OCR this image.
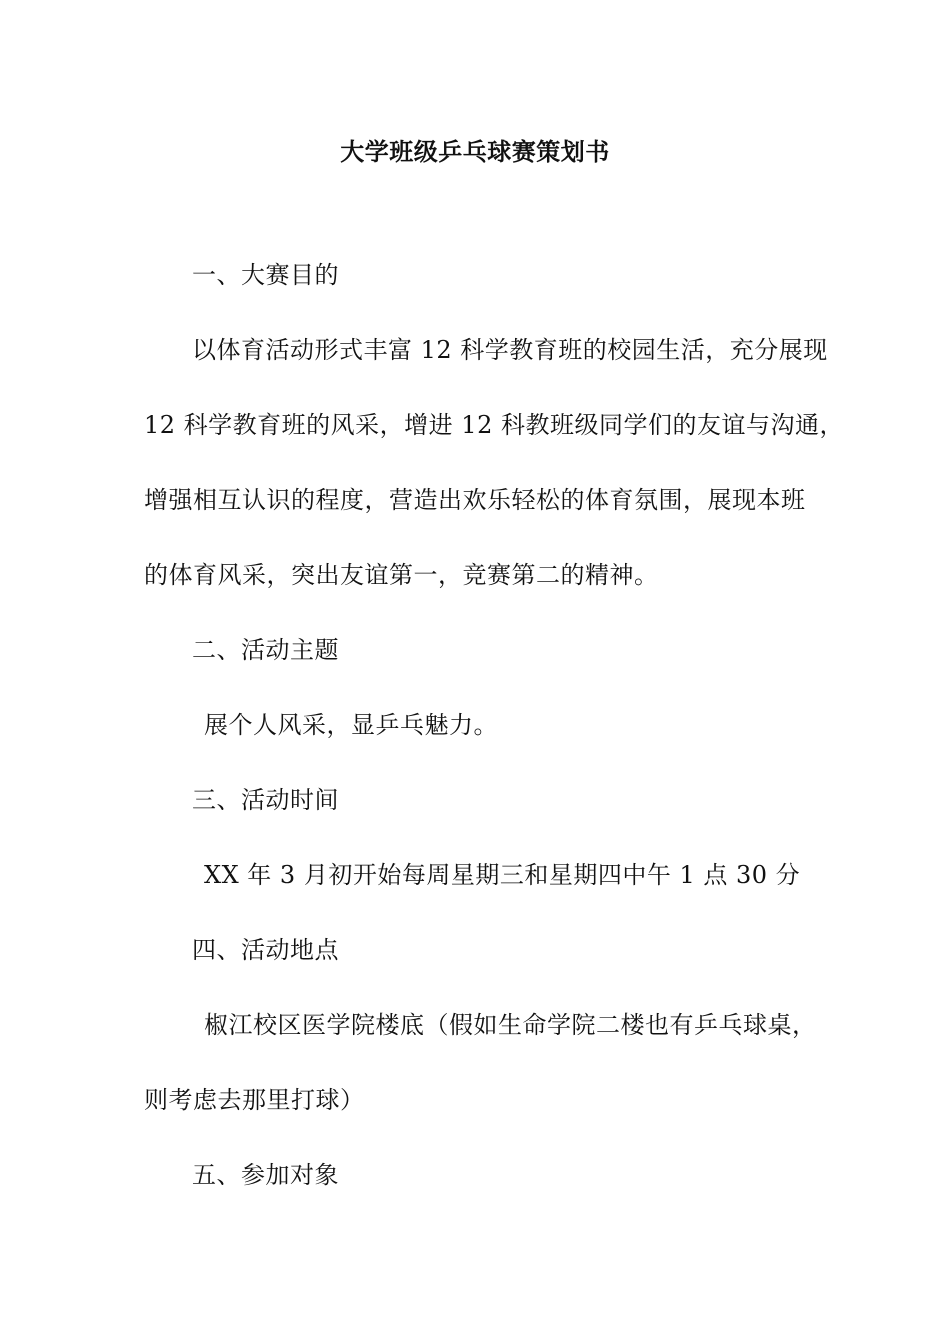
大学班级乒乓球赛策划书
一、大赛目的
以体育活动形式丰富 12 科学教育班的校园生活，充分展现
12 科学教育班的风采，增进 12 科教班级同学们的友谊与沟通，
增强相互认识的程度，营造出欢乐轻松的体育氛围，展现本班
的体育风采，突出友谊第一，竞赛第二的精神。
二、活动主题
展个人风采，显乒乓魅力。
三、活动时间
XX 年 3 月初开始每周星期三和星期四中午 1 点 30 分
四、活动地点
椒江校区医学院楼底（假如生命学院二楼也有乒乓球桌，
则考虑去那里打球）
五、参加对象
